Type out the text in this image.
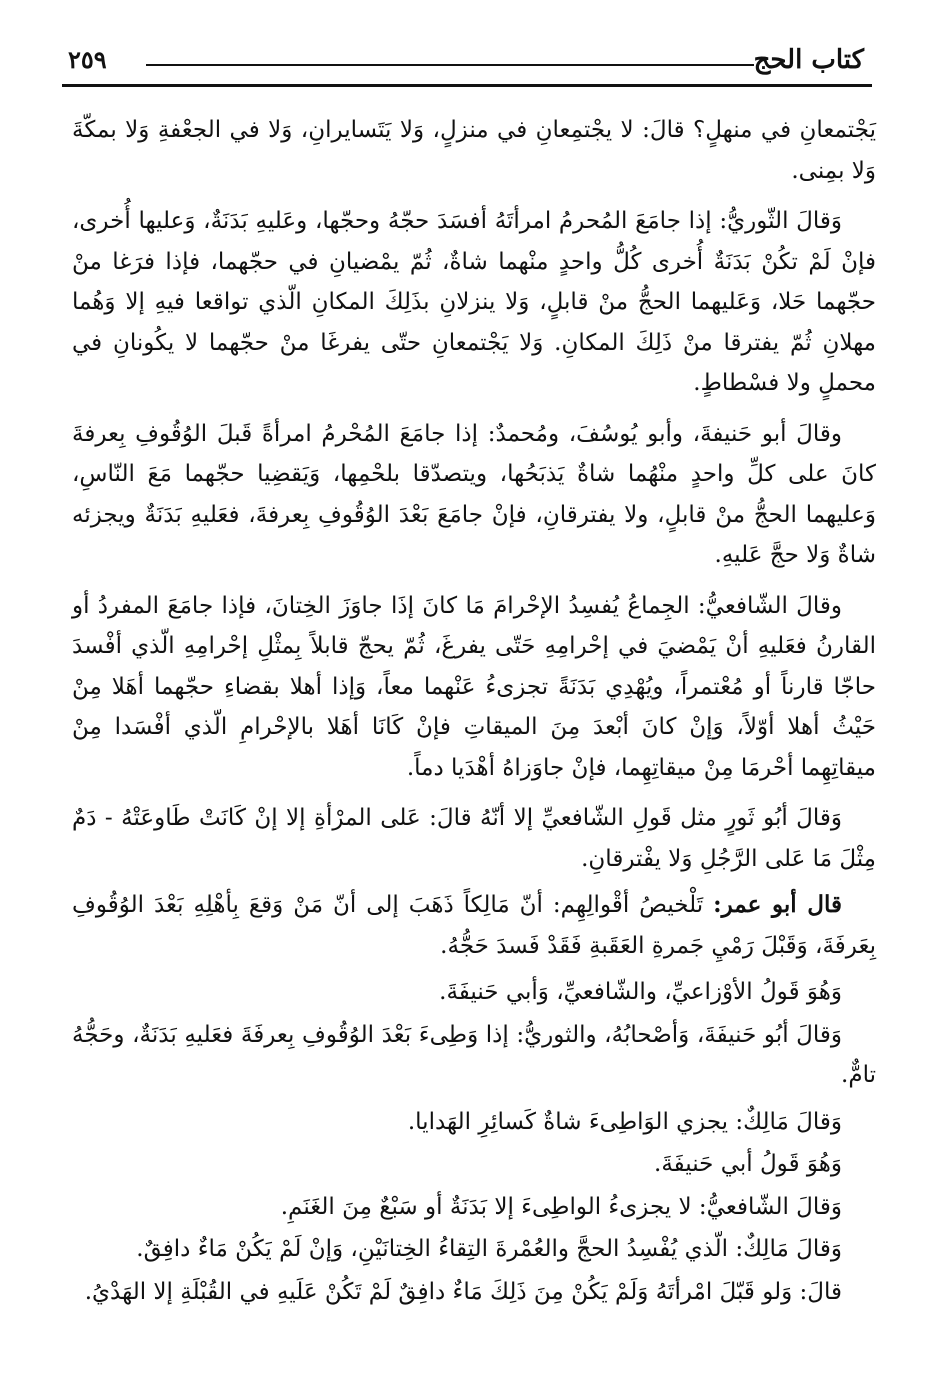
كتاب الحج
٢٥٩

يَجْتمعانِ في منهلٍ؟ قالَ: لا يجْتمِعانِ في منزلٍ، وَلا يَتَسايرانِ، وَلا في الجعْفةِ وَلا بمكّةَ وَلا بمِنى.

وَقالَ الثّوريُّ: إذا جامَعَ المُحرمُ امرأتَهُ أفسَدَ حجّهُ وحجّها، وعَليهِ بَدَنَةٌ، وَعليها أُخرى، فإنْ لَمْ تكُنْ بَدَنَةٌ أُخرى كُلُّ واحدٍ منْهما شاةٌ، ثُمّ يمْضيانِ في حجّهما، فإذا فرَغا منْ حجّهما حَلا، وَعَليهما الحجُّ منْ قابلٍ، وَلا ينزلانِ بذَلِكَ المكانِ الّذي تواقعا فيهِ إلا وَهُما مهلانِ ثُمّ يفترقا منْ ذَلِكَ المكانِ. وَلا يَجْتمعانِ حتّى يفرغَا منْ حجّهما لا يكُونانِ في محملٍ ولا فسْطاطٍ.

وقالَ أبو حَنيفةَ، وأبو يُوسُفَ، ومُحمدٌ: إذا جامَعَ المُحْرمُ امرأةً قَبلَ الوُقُوفِ بِعرفةَ كانَ على كلِّ واحدٍ منْهُما شاةٌ يَذبَحُها، ويتصدّقا بلحْمِها، وَيَقضِيا حجّهما مَعَ النّاسِ، وَعليهما الحجُّ منْ قابلٍ، ولا يفترقانِ، فإنْ جامَعَ بَعْدَ الوُقُوفِ بِعرفةَ، فعَليهِ بَدَنَةٌ ويجزئه شاةٌ وَلا حجَّ عَليهِ.

وقالَ الشّافعيُّ: الجِماعُ يُفسِدُ الإحْرامَ مَا كانَ إذَا جاوَزَ الخِتانَ، فإذا جامَعَ المفردُ أو القارنُ فعَليهِ أنْ يَمْضيَ في إحْرامِهِ حَتّى يفرغَ، ثُمّ يحجّ قابلاً بِمثْلِ إحْرامِهِ الّذي أفْسدَ حاجّا قارناً أو مُعْتمراً، ويُهْدِي بَدَنَةً تجزىءُ عَنْهما معاً، وَإذا أهلا بقضاءِ حجّهما أهَلا مِنْ حَيْثُ أهلا أوّلاً، وَإنْ كانَ أبْعدَ مِنَ الميقاتِ فإنْ كَانَا أهَلا بالإحْرامِ الّذي أفْسَدا مِنْ ميقاتِهِما أحْرمَا مِنْ ميقاتِهِما، فإنْ جاوَزاهُ أهْدَيا دماً.

وَقالَ أبُو ثَورٍ مثل قَولِ الشّافعيِّ إلا أنّهُ قالَ: عَلى المرْأةِ إلا إنْ كَانَتْ طَاوعَتْهُ - دَمٌ مِثْلَ مَا عَلى الرَّجُلِ وَلا يفْترقانِ.

قال أبو عمر: تَلْخيصُ أقْوالِهِم: أنّ مَالِكاً ذَهَبَ إلى أنّ مَنْ وَقعَ بِأهْلِهِ بَعْدَ الوُقُوفِ بِعَرفَةَ، وَقَبْلَ رَمْيِ جَمرةِ العَقَبةِ فَقَدْ فَسدَ حَجُّهُ.

وَهُوَ قَولُ الأوْزاعيِّ، والشّافعيِّ، وَأبي حَنيفَةَ.

وَقالَ أبُو حَنيفَةَ، وَأصْحابُهُ، والثوريُّ: إذا وَطِىءَ بَعْدَ الوُقُوفِ بِعرفَةَ فعَليهِ بَدَنَةٌ، وحَجُّهُ تامٌّ.

وَقالَ مَالِكٌ: يجزي الوَاطِىءَ شاةٌ كَسائِرِ الهَدايا.

وَهُوَ قَولُ أبي حَنيفَةَ.

وَقالَ الشّافعيُّ: لا يجزىءُ الواطِىءَ إلا بَدَنَةٌ أو سَبْعٌ مِنَ الغَنَمِ.

وَقالَ مَالِكٌ: الّذي يُفْسِدُ الحجَّ والعُمْرةَ التِقاءُ الخِتانَيْنِ، وَإنْ لَمْ يَكُنْ مَاءٌ دافِقٌ.

قالَ: وَلو قَبّلَ امْرأتَهُ وَلَمْ يَكُنْ مِنَ ذَلِكَ مَاءٌ دافِقٌ لَمْ تَكُنْ عَلَيهِ في القُبْلَةِ إلا الهَدْيُ.
